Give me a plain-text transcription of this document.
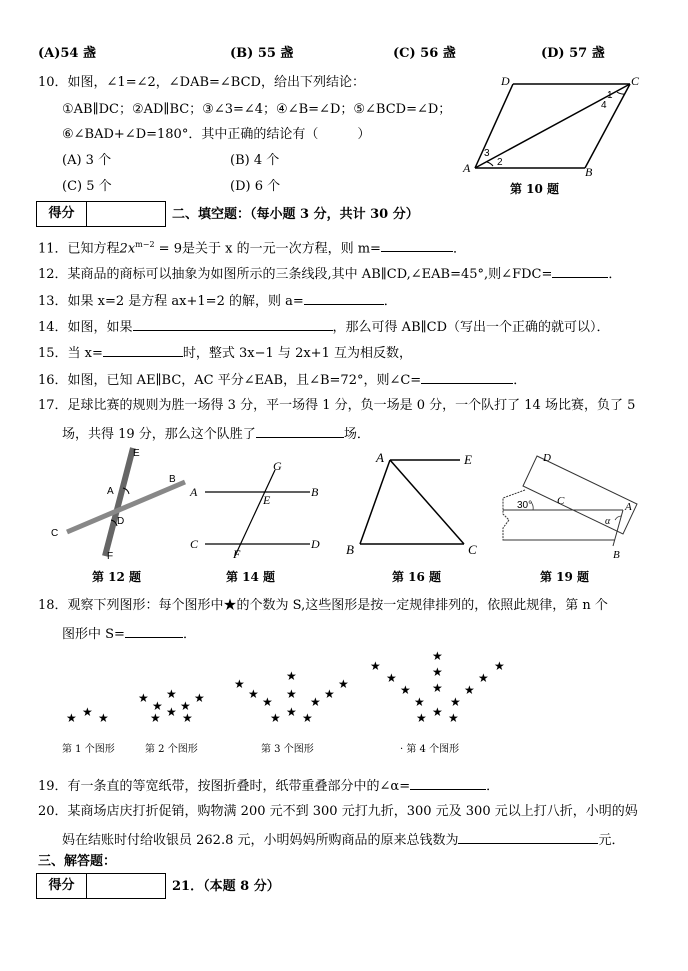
(A)54 盏	(B) 55 盏	(C) 56 盏	(D) 57 盏
10．如图，∠1=∠2，∠DAB=∠BCD，给出下列结论：
①AB∥DC；②AD∥BC；③∠3=∠4；④∠B=∠D；⑤∠BCD=∠D；
⑥∠BAD+∠D=180°．其中正确的结论有（　　　）
(A) 3 个	(B) 4 个
(C) 5 个	(D) 6 个
D	C
A	B
1
4
3
2
第 10 题
得分	二、填空题：（每小题 3 分，共计 30 分）
11．已知方程$2x^{m-2} = 9$是关于 x 的一元一次方程，则 m=	．
12．某商品的商标可以抽象为如图所示的三条线段,其中 AB∥CD,∠EAB=45°,则∠FDC=	．
13．如果 x=2 是方程 ax+1=2 的解，则 a=	．
14．如图，如果	，那么可得 AB∥CD（写出一个正确的就可以）．
15．当 x=	时，整式 3x−1 与 2x+1 互为相反数，
16．如图，已知 AE∥BC，AC 平分∠EAB，且∠B=72°，则∠C=	．
17．足球比赛的规则为胜一场得 3 分，平一场得 1 分，负一场是 0 分，一个队打了 14 场比赛，负了 5
场，共得 19 分，那么这个队胜了	场．
E
B
A
D
C
F
第 12 题
A	B
C	D
G
E
F
第 14 题
A	E
B	C
第 16 题
D
C	A
B
30°
α
第 19 题
18．观察下列图形：每个图形中★的个数为 S,这些图形是按一定规律排列的，依照此规律，第 n 个
图形中 S=	．
★ ★ ★
★
★
★
★
★
★ ★ ★
★
★
★
★
★
★
★
★
★ ★ ★
★
★
★
★
★
★
★
★
★
★
★
★ ★ ★
第 1 个图形	第 2 个图形	第 3 个图形	· 第 4 个图形
19．有一条直的等宽纸带，按图折叠时，纸带重叠部分中的∠α=	．
20．某商场店庆打折促销，购物满 200 元不到 300 元打九折，300 元及 300 元以上打八折，小明的妈
妈在结账时付给收银员 262.8 元，小明妈妈所购商品的原来总钱数为	元．
三、解答题：
得分	21．（本题 8 分）
